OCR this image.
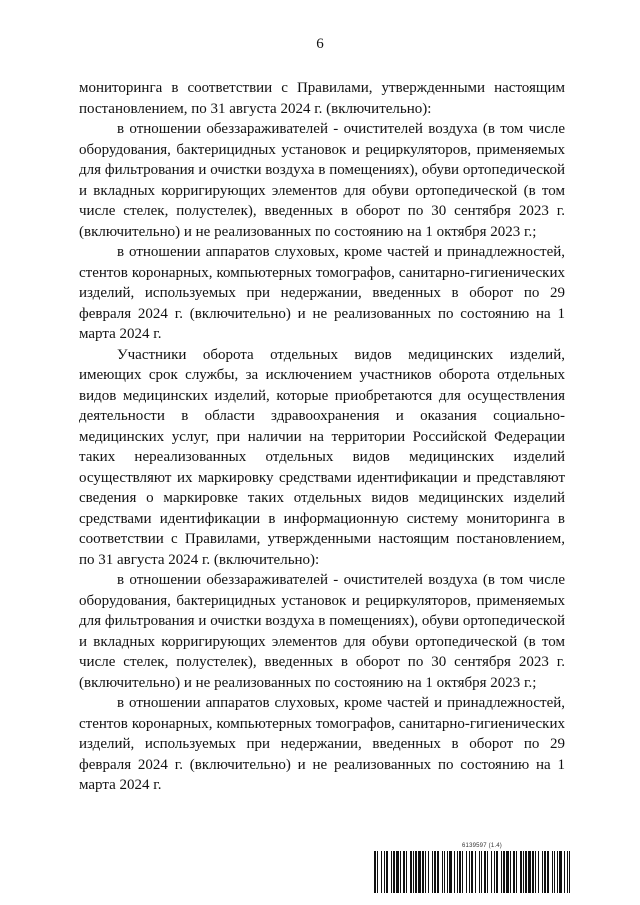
6

мониторинга в соответствии с Правилами, утвержденными настоящим постановлением, по 31 августа 2024 г. (включительно):

в отношении обеззараживателей - очистителей воздуха (в том числе оборудования, бактерицидных установок и рециркуляторов, применяемых для фильтрования и очистки воздуха в помещениях), обуви ортопедической и вкладных корригирующих элементов для обуви ортопедической (в том числе стелек, полустелек), введенных в оборот по 30 сентября 2023 г. (включительно) и не реализованных по состоянию на 1 октября 2023 г.;

в отношении аппаратов слуховых, кроме частей и принадлежностей, стентов коронарных, компьютерных томографов, санитарно-гигиенических изделий, используемых при недержании, введенных в оборот по 29 февраля 2024 г. (включительно) и не реализованных по состоянию на 1 марта 2024 г.

Участники оборота отдельных видов медицинских изделий, имеющих срок службы, за исключением участников оборота отдельных видов медицинских изделий, которые приобретаются для осуществления деятельности в области здравоохранения и оказания социально-медицинских услуг, при наличии на территории Российской Федерации таких нереализованных отдельных видов медицинских изделий осуществляют их маркировку средствами идентификации и представляют сведения о маркировке таких отдельных видов медицинских изделий средствами идентификации в информационную систему мониторинга в соответствии с Правилами, утвержденными настоящим постановлением, по 31 августа 2024 г. (включительно):

в отношении обеззараживателей - очистителей воздуха (в том числе оборудования, бактерицидных установок и рециркуляторов, применяемых для фильтрования и очистки воздуха в помещениях), обуви ортопедической и вкладных корригирующих элементов для обуви ортопедической (в том числе стелек, полустелек), введенных в оборот по 30 сентября 2023 г. (включительно) и не реализованных по состоянию на 1 октября 2023 г.;

в отношении аппаратов слуховых, кроме частей и принадлежностей, стентов коронарных, компьютерных томографов, санитарно-гигиенических изделий, используемых при недержании, введенных в оборот по 29 февраля 2024 г. (включительно) и не реализованных по состоянию на 1 марта 2024 г.

6139597 (1.4)
